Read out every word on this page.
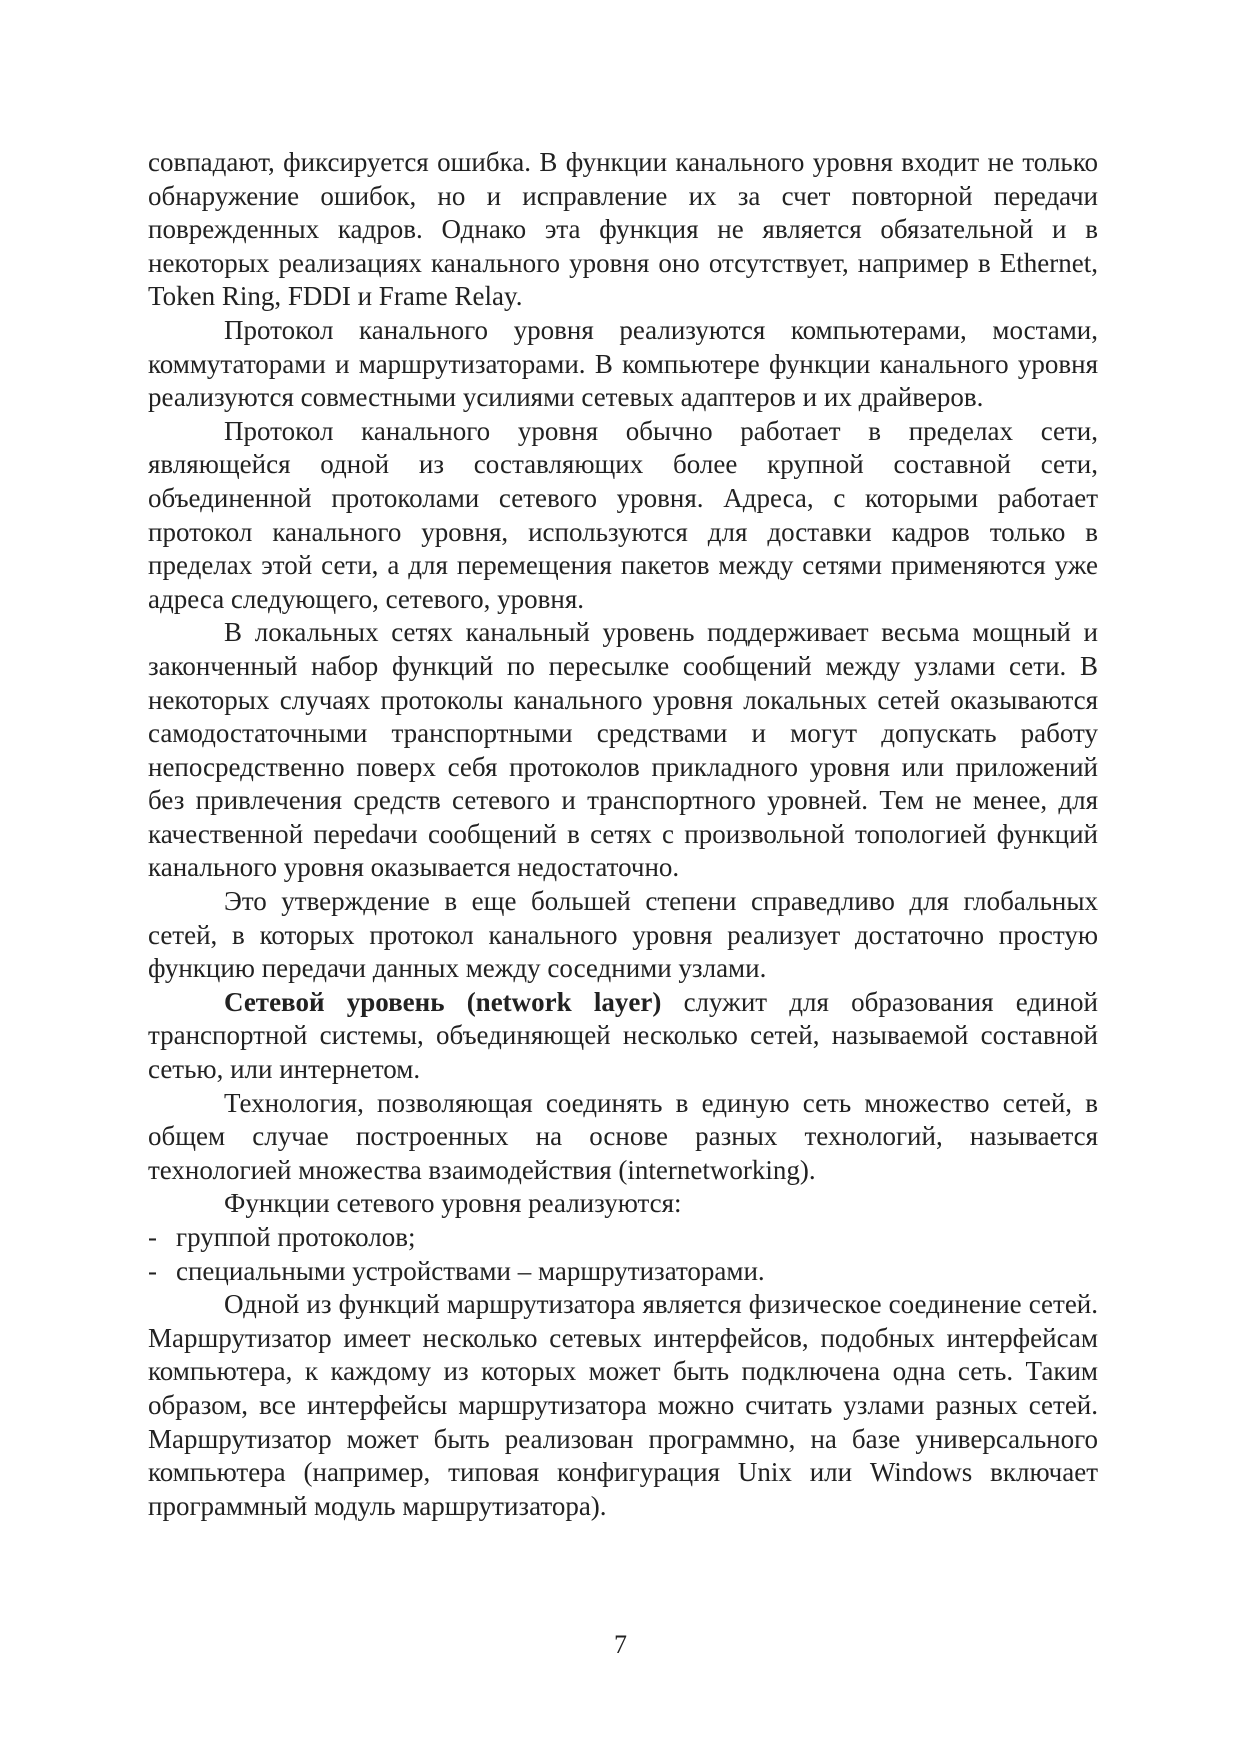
совпадают, фиксируется ошибка. В функции канального уровня входит не только обнаружение ошибок, но и исправление их за счет повторной передачи поврежденных кадров. Однако эта функция не является обязательной и в некоторых реализациях канального уровня оно отсутствует, например в Ethernet, Token Ring, FDDI и Frame Relay.

Протокол канального уровня реализуются компьютерами, мостами, коммутаторами и маршрутизаторами. В компьютере функции канального уровня реализуются совместными усилиями сетевых адаптеров и их драйверов.

Протокол канального уровня обычно работает в пределах сети, являющейся одной из составляющих более крупной составной сети, объединенной протоколами сетевого уровня. Адреса, с которыми работает протокол канального уровня, используются для доставки кадров только в пределах этой сети, а для перемещения пакетов между сетями применяются уже адреса следующего, сетевого, уровня.

В локальных сетях канальный уровень поддерживает весьма мощный и законченный набор функций по пересылке сообщений между узлами сети. В некоторых случаях протоколы канального уровня локальных сетей оказываются самодостаточными транспортными средствами и могут допускать работу непосредственно поверх себя протоколов прикладного уровня или приложений без привлечения средств сетевого и транспортного уровней. Тем не менее, для качественной переdачи сообщений в сетях с произвольной топологией функций канального уровня оказывается недостаточно.

Это утверждение в еще большей степени справедливо для глобальных сетей, в которых протокол канального уровня реализует достаточно простую функцию передачи данных между соседними узлами.

Сетевой уровень (network layer) служит для образования единой транспортной системы, объединяющей несколько сетей, называемой составной сетью, или интернетом.

Технология, позволяющая соединять в единую сеть множество сетей, в общем случае построенных на основе разных технологий, называется технологией множества взаимодействия (internetworking).

Функции сетевого уровня реализуются:

- группой протоколов;

- специальными устройствами – маршрутизаторами.

Одной из функций маршрутизатора является физическое соединение сетей. Маршрутизатор имеет несколько сетевых интерфейсов, подобных интерфейсам компьютера, к каждому из которых может быть подключена одна сеть. Таким образом, все интерфейсы маршрутизатора можно считать узлами разных сетей. Маршрутизатор может быть реализован программно, на базе универсального компьютера (например, типовая конфигурация Unix или Windows включает программный модуль маршрутизатора).

7
